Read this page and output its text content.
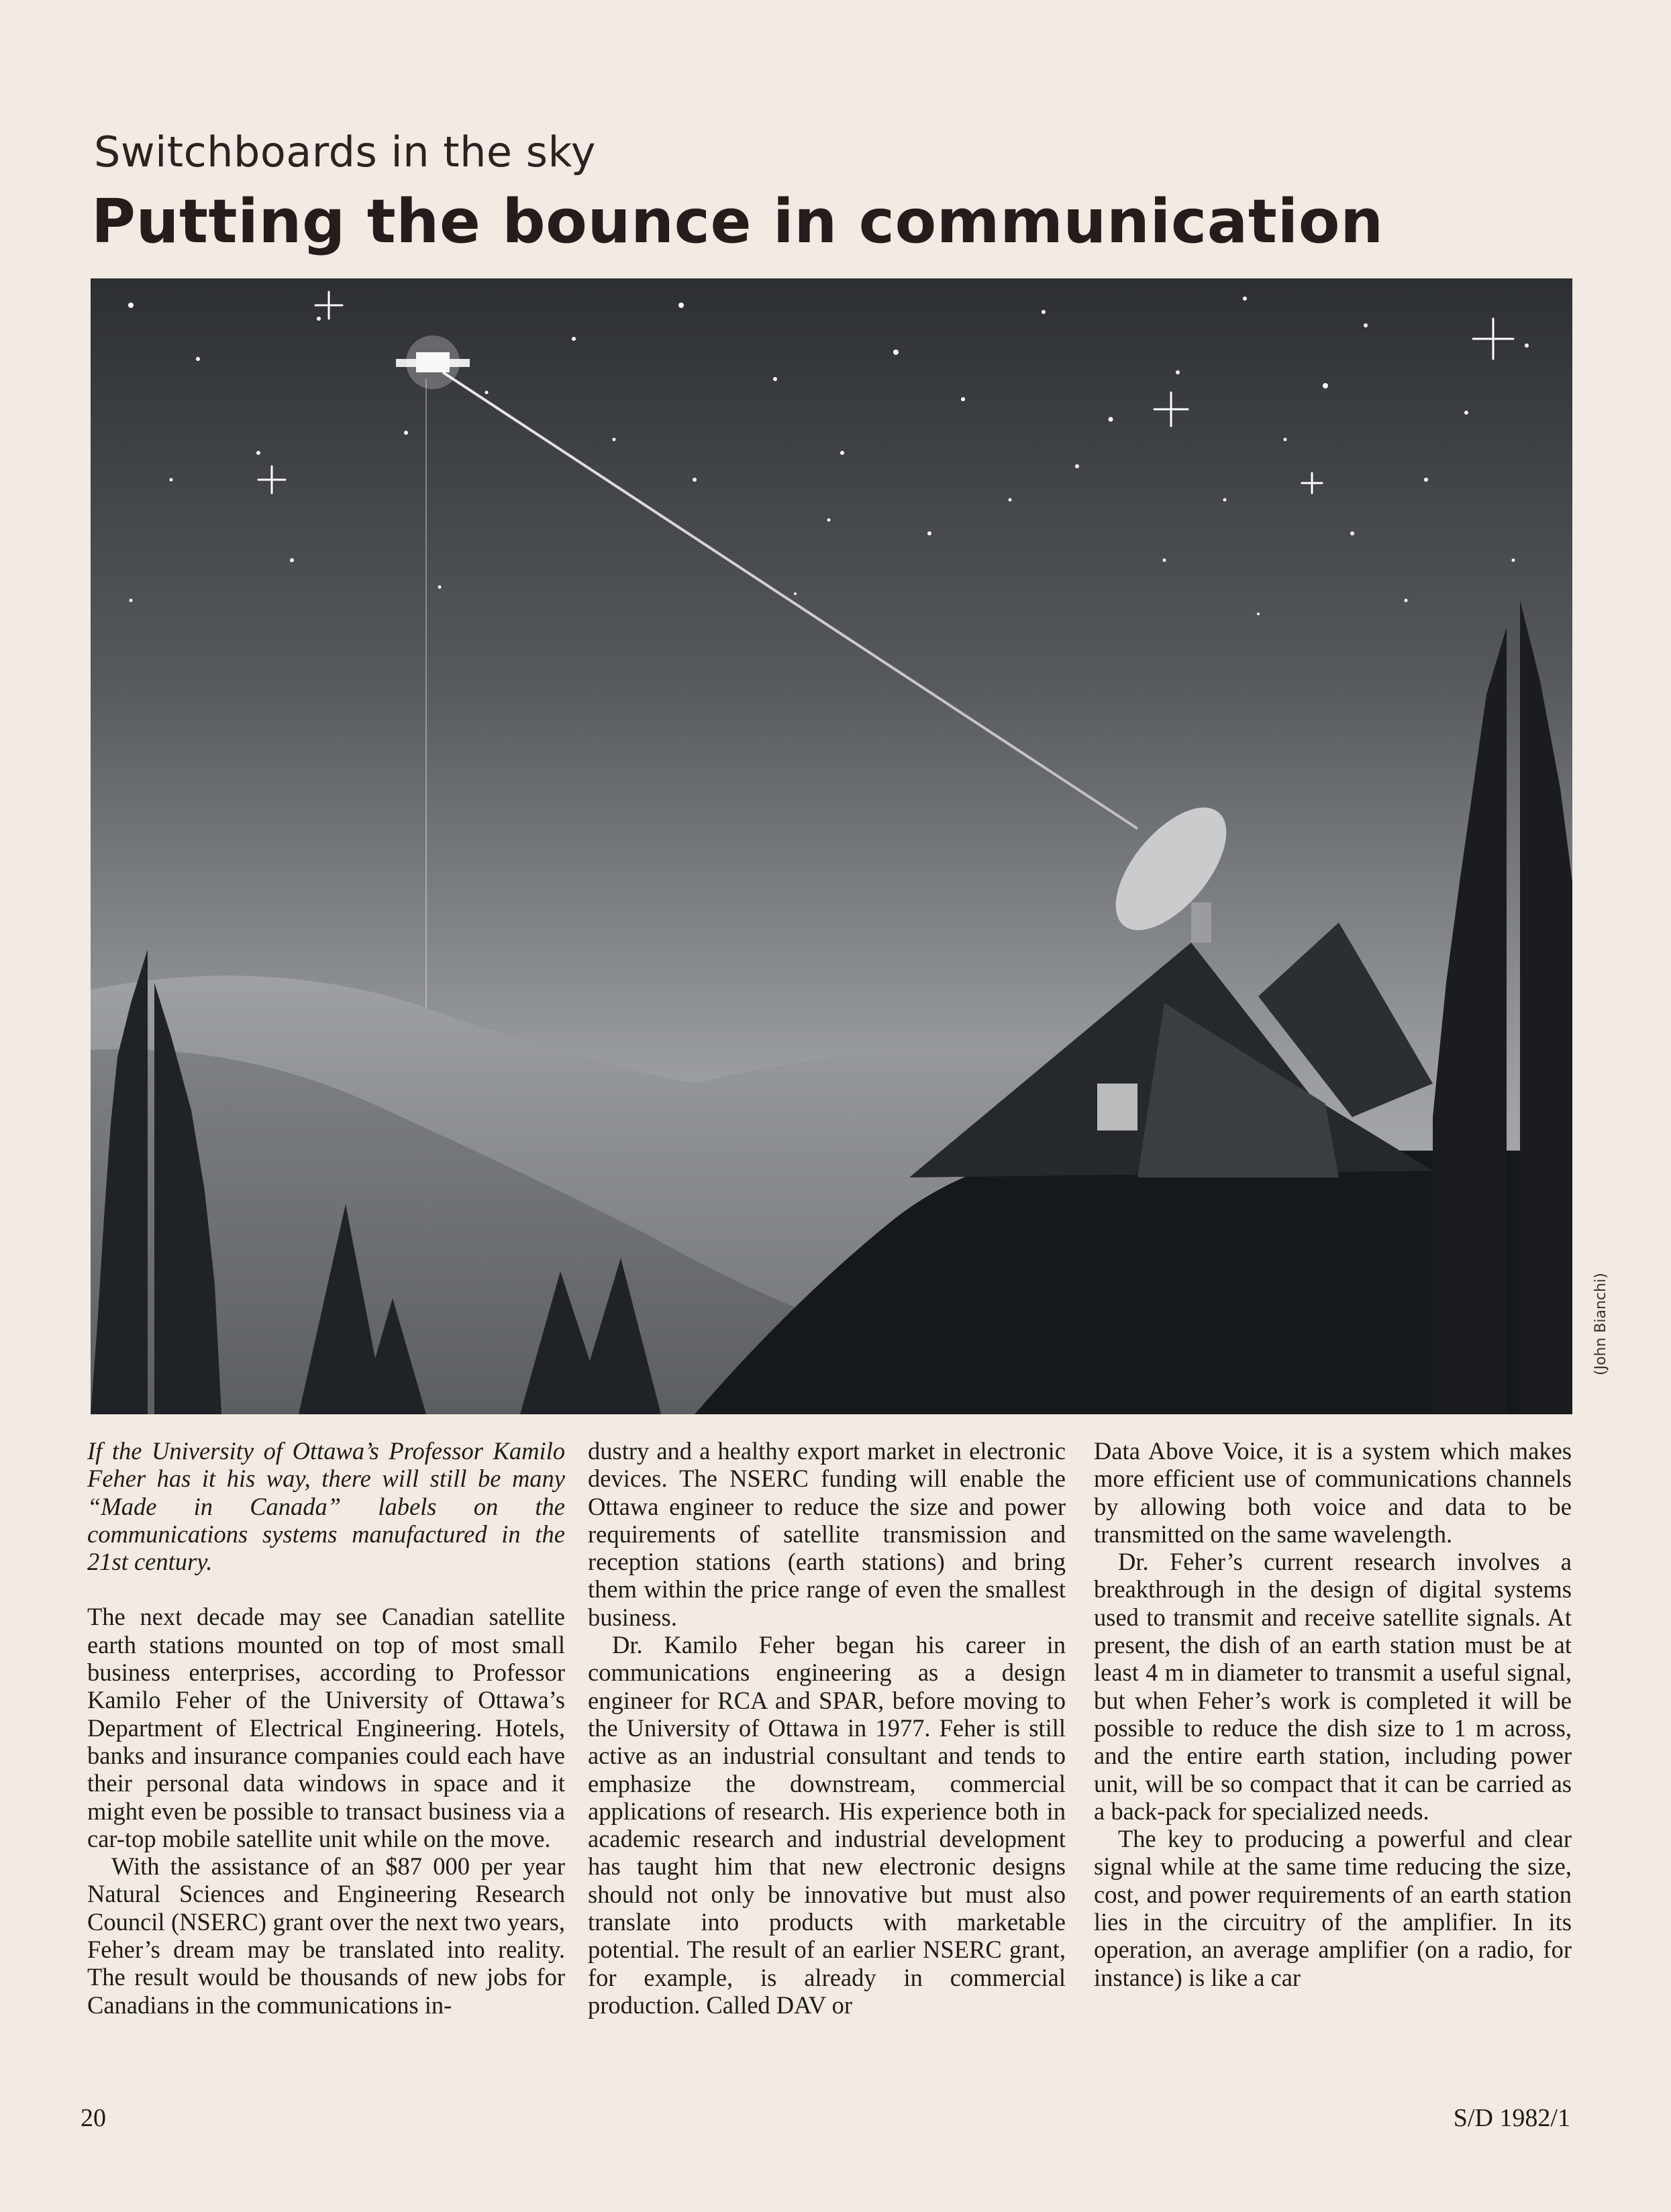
Switchboards in the sky
Putting the bounce in communication
(John Bianchi)

If the University of Ottawa’s Professor Kamilo Feher has it his way, there will still be many “Made in Canada” labels on the communications systems manufactured in the 21st century.

The next decade may see Canadian satellite earth stations mounted on top of most small business enterprises, according to Professor Kamilo Feher of the University of Ottawa’s Department of Electrical Engineering. Hotels, banks and insurance companies could each have their personal data windows in space and it might even be possible to transact business via a car-top mobile satellite unit while on the move.

With the assistance of an $87 000 per year Natural Sciences and Engineering Research Council (NSERC) grant over the next two years, Feher’s dream may be translated into reality. The result would be thousands of new jobs for Canadians in the communications in-

dustry and a healthy export market in electronic devices. The NSERC funding will enable the Ottawa engineer to reduce the size and power requirements of satellite transmission and reception stations (earth stations) and bring them within the price range of even the smallest business.

Dr. Kamilo Feher began his career in communications engineering as a design engineer for RCA and SPAR, before moving to the University of Ottawa in 1977. Feher is still active as an industrial consultant and tends to emphasize the downstream, commercial applications of research. His experience both in academic research and industrial development has taught him that new electronic designs should not only be innovative but must also translate into products with marketable potential. The result of an earlier NSERC grant, for example, is already in commercial production. Called DAV or

Data Above Voice, it is a system which makes more efficient use of communications channels by allowing both voice and data to be transmitted on the same wavelength.

Dr. Feher’s current research involves a breakthrough in the design of digital systems used to transmit and receive satellite signals. At present, the dish of an earth station must be at least 4 m in diameter to transmit a useful signal, but when Feher’s work is completed it will be possible to reduce the dish size to 1 m across, and the entire earth station, including power unit, will be so compact that it can be carried as a back-pack for specialized needs.

The key to producing a powerful and clear signal while at the same time reducing the size, cost, and power requirements of an earth station lies in the circuitry of the amplifier. In its operation, an average amplifier (on a radio, for instance) is like a car

20	S/D 1982/1
